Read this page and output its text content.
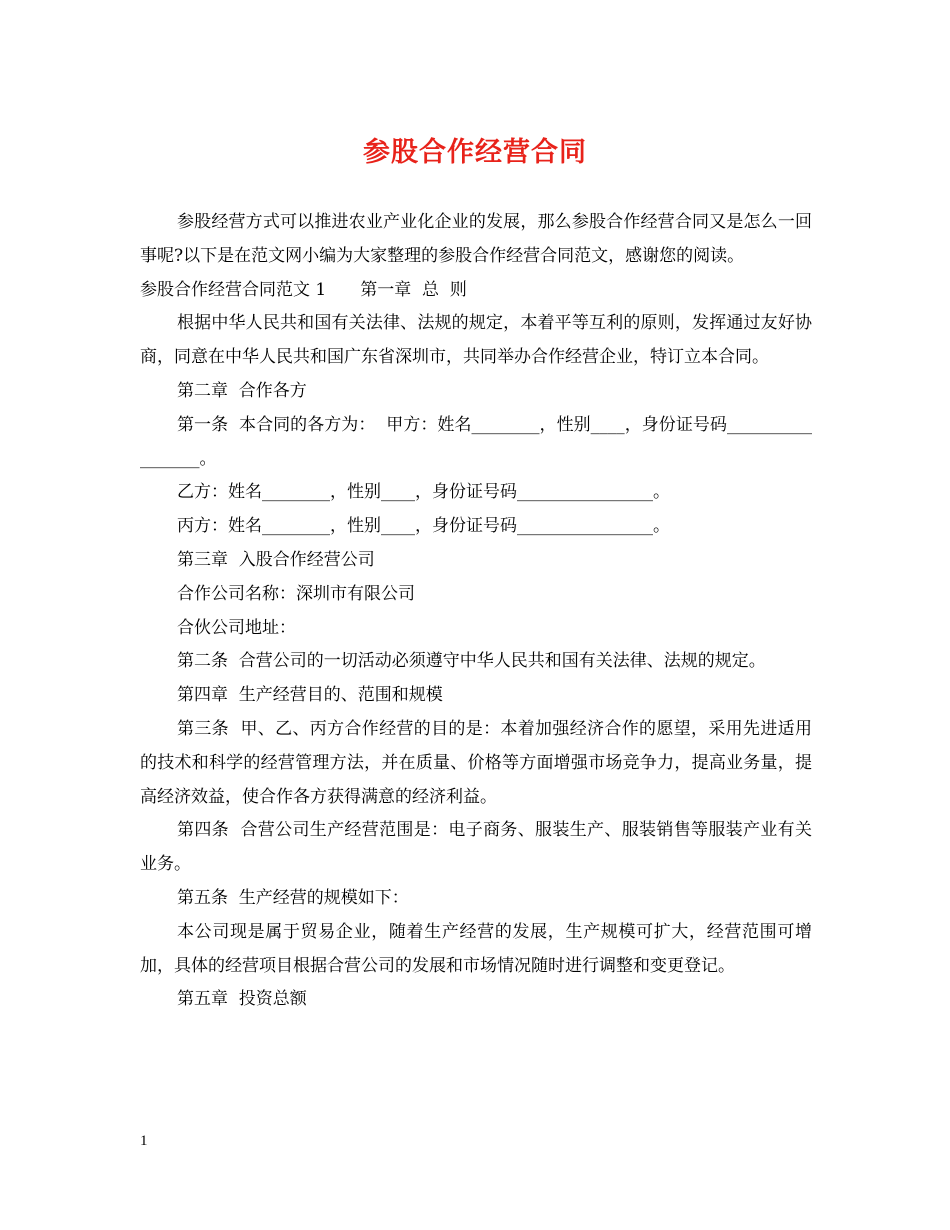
参股合作经营合同

参股经营方式可以推进农业产业化企业的发展，那么参股合作经营合同又是怎么一回事呢?以下是在范文网小编为大家整理的参股合作经营合同范文，感谢您的阅读。

参股合作经营合同范文 1　　第一章  总  则

根据中华人民共和国有关法律、法规的规定，本着平等互利的原则，发挥通过友好协商，同意在中华人民共和国广东省深圳市，共同举办合作经营企业，特订立本合同。

第二章  合作各方

第一条  本合同的各方为：  甲方：姓名________，性别____，身份证号码_________________。

乙方：姓名________，性别____，身份证号码________________。

丙方：姓名________，性别____，身份证号码________________。

第三章  入股合作经营公司

合作公司名称：深圳市有限公司

合伙公司地址：

第二条  合营公司的一切活动必须遵守中华人民共和国有关法律、法规的规定。

第四章  生产经营目的、范围和规模

第三条  甲、乙、丙方合作经营的目的是：本着加强经济合作的愿望，采用先进适用的技术和科学的经营管理方法，并在质量、价格等方面增强市场竞争力，提高业务量，提高经济效益，使合作各方获得满意的经济利益。

第四条  合营公司生产经营范围是：电子商务、服装生产、服装销售等服装产业有关业务。

第五条  生产经营的规模如下：

本公司现是属于贸易企业，随着生产经营的发展，生产规模可扩大，经营范围可增加，具体的经营项目根据合营公司的发展和市场情况随时进行调整和变更登记。

第五章  投资总额

1
